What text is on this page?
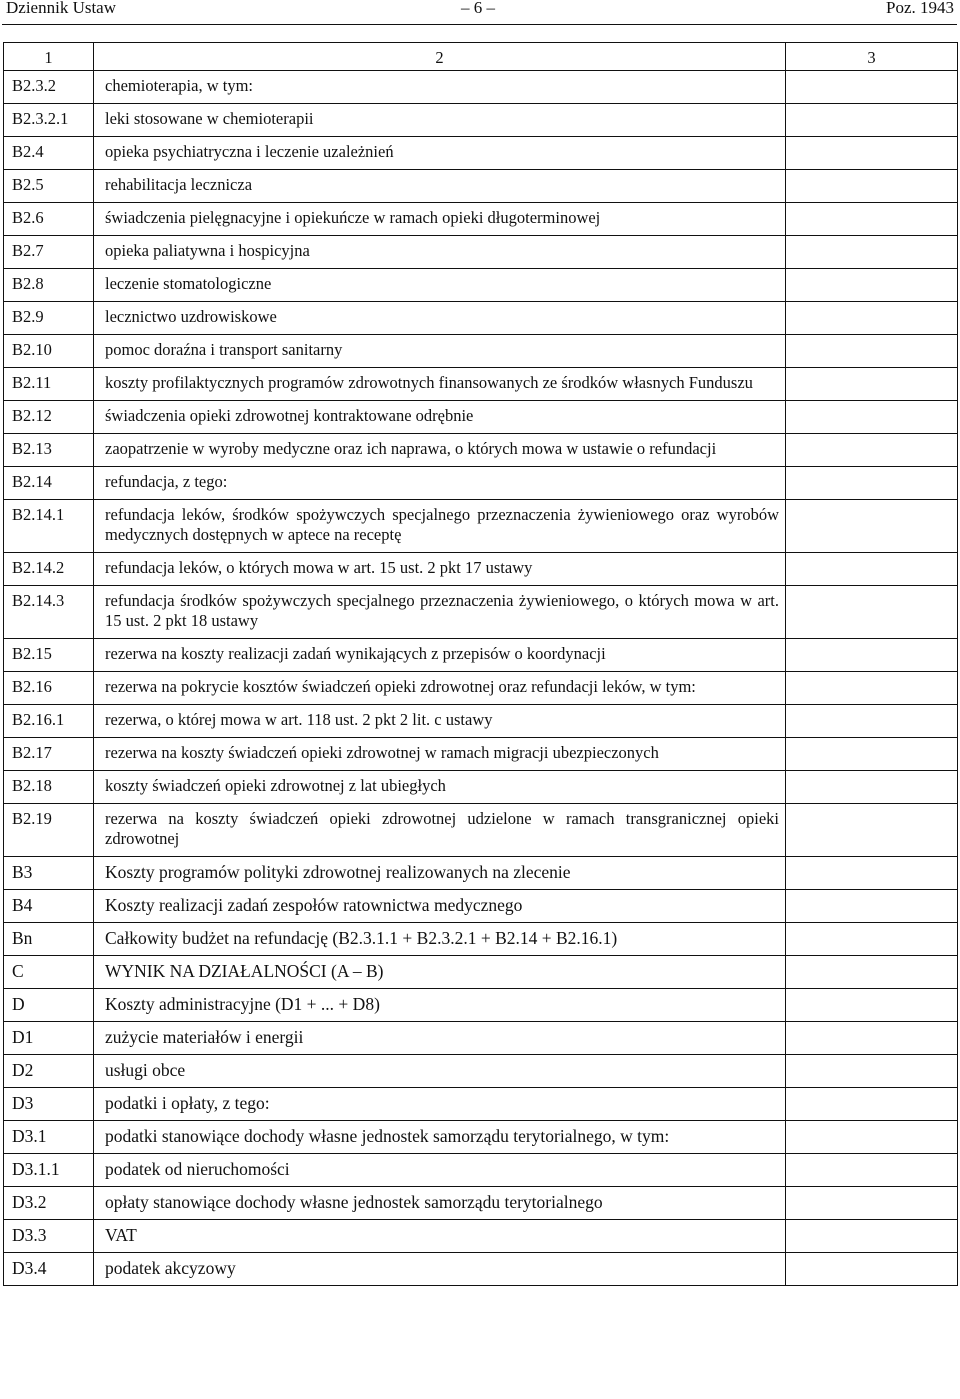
Dziennik Ustaw	– 6 –	Poz. 1943
1	2	3
B2.3.2	chemioterapia, w tym:	
B2.3.2.1	leki stosowane w chemioterapii	
B2.4	opieka psychiatryczna i leczenie uzależnień	
B2.5	rehabilitacja lecznicza	
B2.6	świadczenia pielęgnacyjne i opiekuńcze w ramach opieki długoterminowej	
B2.7	opieka paliatywna i hospicyjna	
B2.8	leczenie stomatologiczne	
B2.9	lecznictwo uzdrowiskowe	
B2.10	pomoc doraźna i transport sanitarny	
B2.11	koszty profilaktycznych programów zdrowotnych finansowanych ze środków własnych Funduszu	
B2.12	świadczenia opieki zdrowotnej kontraktowane odrębnie	
B2.13	zaopatrzenie w wyroby medyczne oraz ich naprawa, o których mowa w ustawie o refundacji	
B2.14	refundacja, z tego:	
B2.14.1	refundacja leków, środków spożywczych specjalnego przeznaczenia żywieniowego oraz wyrobów medycznych dostępnych w aptece na receptę	
B2.14.2	refundacja leków, o których mowa w art. 15 ust. 2 pkt 17 ustawy	
B2.14.3	refundacja środków spożywczych specjalnego przeznaczenia żywieniowego, o których mowa w art. 15 ust. 2 pkt 18 ustawy	
B2.15	rezerwa na koszty realizacji zadań wynikających z przepisów o koordynacji	
B2.16	rezerwa na pokrycie kosztów świadczeń opieki zdrowotnej oraz refundacji leków, w tym:	
B2.16.1	rezerwa, o której mowa w art. 118 ust. 2 pkt 2 lit. c ustawy	
B2.17	rezerwa na koszty świadczeń opieki zdrowotnej w ramach migracji ubezpieczonych	
B2.18	koszty świadczeń opieki zdrowotnej z lat ubiegłych	
B2.19	rezerwa na koszty świadczeń opieki zdrowotnej udzielone w ramach transgranicznej opieki zdrowotnej	
B3	Koszty programów polityki zdrowotnej realizowanych na zlecenie	
B4	Koszty realizacji zadań zespołów ratownictwa medycznego	
Bn	Całkowity budżet na refundację (B2.3.1.1 + B2.3.2.1 + B2.14 + B2.16.1)	
C	WYNIK NA DZIAŁALNOŚCI (A – B)	
D	Koszty administracyjne (D1 + ... + D8)	
D1	zużycie materiałów i energii	
D2	usługi obce	
D3	podatki i opłaty, z tego:	
D3.1	podatki stanowiące dochody własne jednostek samorządu terytorialnego, w tym:	
D3.1.1	podatek od nieruchomości	
D3.2	opłaty stanowiące dochody własne jednostek samorządu terytorialnego	
D3.3	VAT	
D3.4	podatek akcyzowy	
